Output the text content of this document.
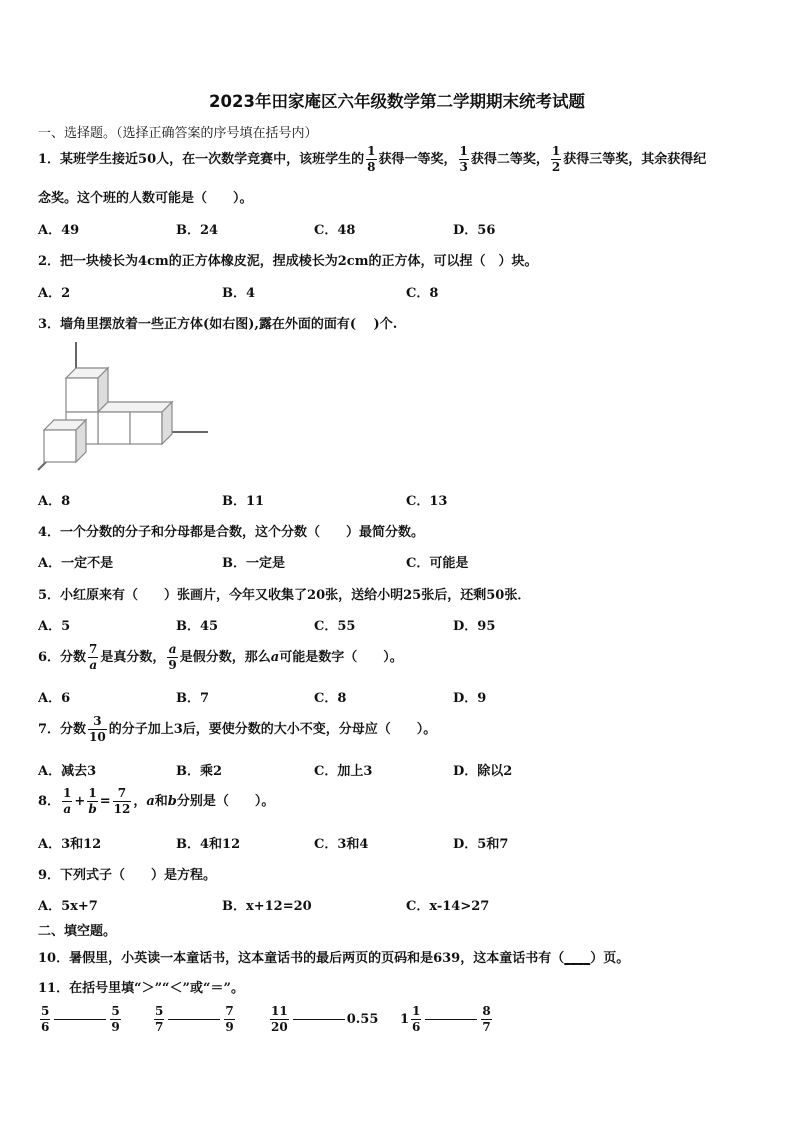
2023年田家庵区六年级数学第二学期期末统考试题
一、选择题。（选择正确答案的序号填在括号内）
1．某班学生接近50人，在一次数学竞赛中，该班学生的 $\frac{1}{8}$ 获得一等奖， $\frac{1}{3}$ 获得二等奖， $\frac{1}{2}$ 获得三等奖，其余获得纪
念奖。这个班的人数可能是（　　）。
A．49	B．24	C．48	D．56
2．把一块棱长为4cm的正方体橡皮泥，捏成棱长为2cm的正方体，可以捏（　）块。
A．2	B．4	C．8
3．墙角里摆放着一些正方体(如右图),露在外面的面有(　 )个.
A．8	B．11	C．13
4．一个分数的分子和分母都是合数，这个分数（　　）最简分数。
A．一定不是	B．一定是	C．可能是
5．小红原来有（　　）张画片，今年又收集了20张，送给小明25张后，还剩50张．
A．5	B．45	C．55	D．95
6．分数 $\frac{7}{a}$ 是真分数， $\frac{a}{9}$ 是假分数，那么a可能是数字（　　）。
A．6	B．7	C．8	D．9
7．分数 $\frac{3}{10}$ 的分子加上3后，要使分数的大小不变，分母应（　　）。
A．减去3	B．乘2	C．加上3	D．除以2
8． $\frac{1}{a} + \frac{1}{b} = \frac{7}{12}$ ，a和b分别是（　　）。
A．3和12	B．4和12	C．3和4	D．5和7
9．下列式子（　　）是方程。
A．5x+7	B．x+12=20	C．x-14>27
二、填空题。
10．暑假里，小英读一本童话书，这本童话书的最后两页的页码和是639，这本童话书有（____）页。
11．在括号里填“＞”“＜”或“＝”。
$\frac{5}{6}$	$\frac{5}{9}$	$\frac{5}{7}$	$\frac{7}{9}$	$\frac{11}{20}$	0.55 $1 \frac{1}{6}$	$\frac{8}{7}$
